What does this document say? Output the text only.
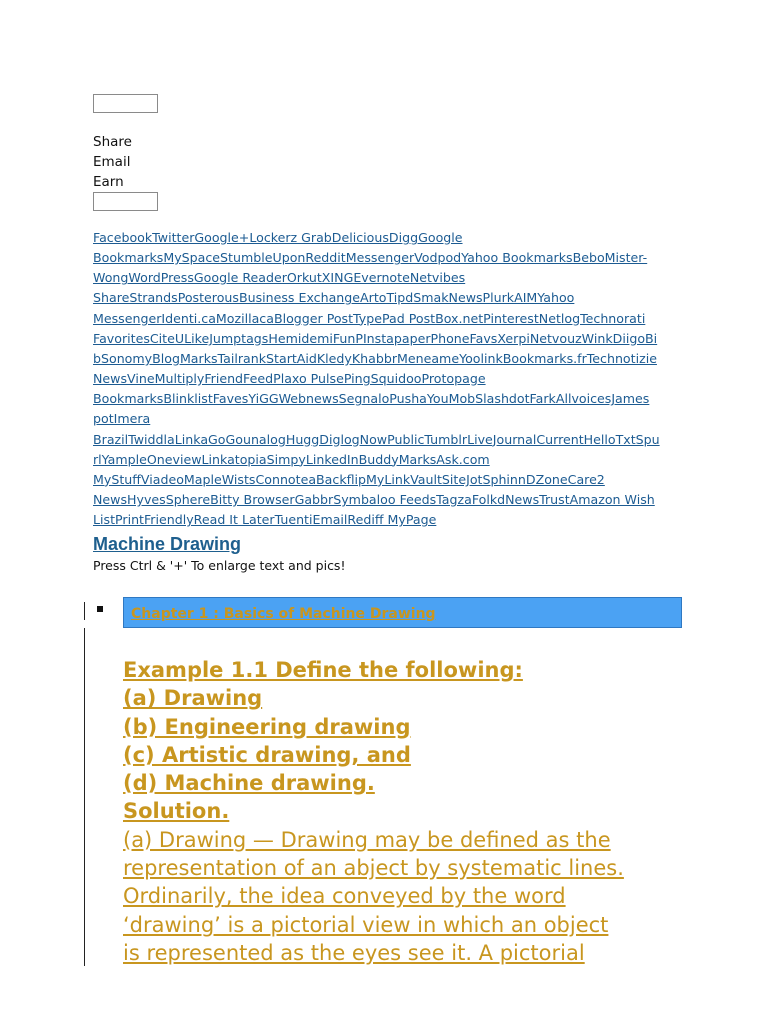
Share
Email
Earn
FacebookTwitterGoogle+Lockerz GrabDeliciousDiggGoogle
BookmarksMySpaceStumbleUponRedditMessengerVodpodYahoo BookmarksBeboMister-
WongWordPressGoogle ReaderOrkutXINGEvernoteNetvibes
ShareStrandsPosterousBusiness ExchangeArtoTipdSmakNewsPlurkAIMYahoo
MessengerIdenti.caMozillacaBlogger PostTypePad PostBox.netPinterestNetlogTechnorati
FavoritesCiteULikeJumptagsHemidemiFunPInstapaperPhoneFavsXerpiNetvouzWinkDiigoBi
bSonomyBlogMarksTailrankStartAidKledyKhabbrMeneameYoolinkBookmarks.frTechnotizie
NewsVineMultiplyFriendFeedPlaxo PulsePingSquidooProtopage
BookmarksBlinklistFavesYiGGWebnewsSegnaloPushaYouMobSlashdotFarkAllvoicesJames
potImera
BrazilTwiddlaLinkaGoGounalogHuggDiglogNowPublicTumblrLiveJournalCurrentHelloTxtSpu
rlYampleOneviewLinkatopiaSimpyLinkedInBuddyMarksAsk.com
MyStuffViadeoMapleWistsConnoteaBackflipMyLinkVaultSiteJotSphinnDZoneCare2
NewsHyvesSphereBitty BrowserGabbrSymbaloo FeedsTagzaFolkdNewsTrustAmazon Wish
ListPrintFriendlyRead It LaterTuentiEmailRediff MyPage
Machine Drawing
Press Ctrl & '+' To enlarge text and pics!
Chapter 1 : Basics of Machine Drawing
Example 1.1 Define the following:
(a) Drawing
(b) Engineering drawing
(c) Artistic drawing, and
(d) Machine drawing.
Solution.
(a) Drawing — Drawing may be defined as the
representation of an abject by systematic lines.
Ordinarily, the idea conveyed by the word
‘drawing’ is a pictorial view in which an object
is represented as the eyes see it. A pictorial
